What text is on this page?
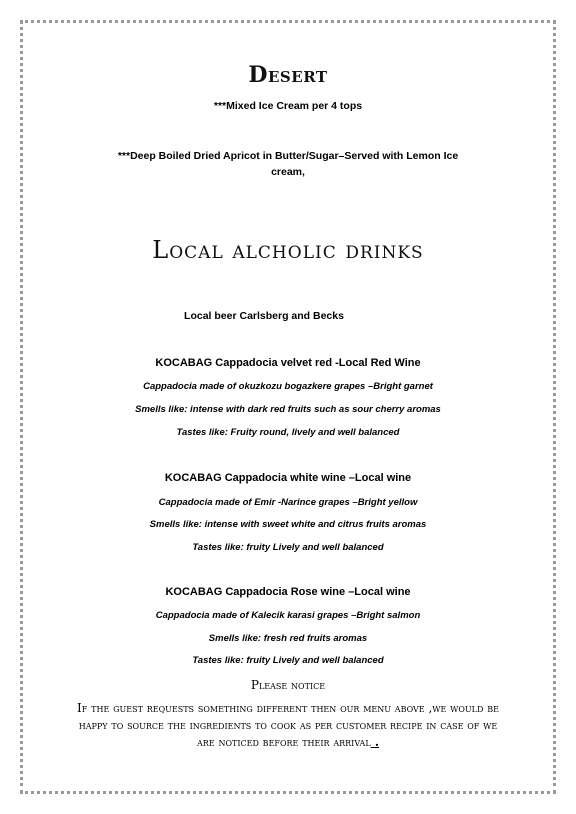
Desert
***Mixed Ice Cream per 4 tops
***Deep Boiled Dried Apricot in Butter/Sugar–Served with Lemon Ice
cream,
Local alcholic drinks
Local beer Carlsberg and Becks
KOCABAG Cappadocia velvet red -Local Red Wine
Cappadocia made of okuzkozu bogazkere grapes –Bright garnet
Smells like: intense with dark red fruits such as sour cherry aromas
Tastes like: Fruity round, lively and well balanced
KOCABAG Cappadocia white wine –Local wine
Cappadocia made of Emir -Narince grapes –Bright yellow
Smells like: intense with sweet white and citrus fruits aromas
Tastes like: fruity Lively and well balanced
KOCABAG Cappadocia Rose wine –Local wine
Cappadocia made of Kalecik karasi grapes –Bright salmon
Smells like: fresh red fruits aromas
Tastes like: fruity Lively and well balanced
Please notice
If the guest requests something different then our menu above ,we would be happy to source the ingredients to cook as per customer recipe in case of we are noticed before their arrival .
